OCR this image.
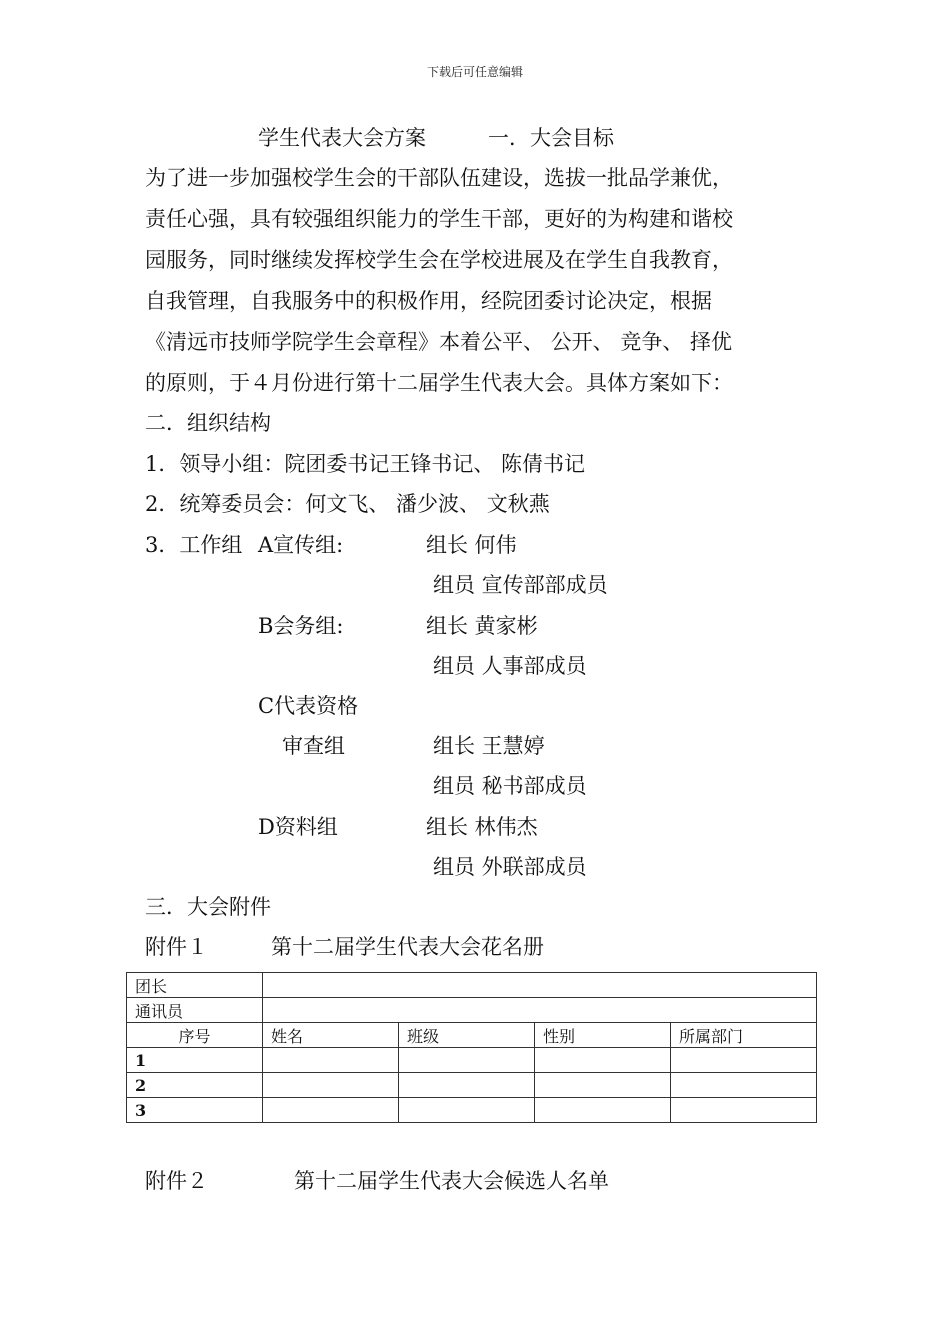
下载后可任意编辑
学生代表大会方案	一．大会目标
为了进一步加强校学生会的干部队伍建设，选拔一批品学兼优，
责任心强，具有较强组织能力的学生干部，更好的为构建和谐校
园服务，同时继续发挥校学生会在学校进展及在学生自我教育，
自我管理，自我服务中的积极作用，经院团委讨论决定，根据
《清远市技师学院学生会章程》本着公平、 公开、 竞争、 择优
的原则，于４月份进行第十二届学生代表大会。具体方案如下：
二．组织结构
1．领导小组：院团委书记王锋书记、 陈倩书记
2．统筹委员会：何文飞、 潘少波、 文秋燕
3．工作组 A宣传组:	组长 何伟
组员 宣传部部成员
B会务组:	组长 黄家彬
组员 人事部成员
C代表资格
审查组	组长 王慧婷
组员 秘书部成员
D资料组	组长 林伟杰
组员 外联部成员
三．大会附件
附件１	第十二届学生代表大会花名册
团长				
通讯员				
序号	姓名	班级	性别	所属部门
1				
2				
3				
附件２	第十二届学生代表大会候选人名单
